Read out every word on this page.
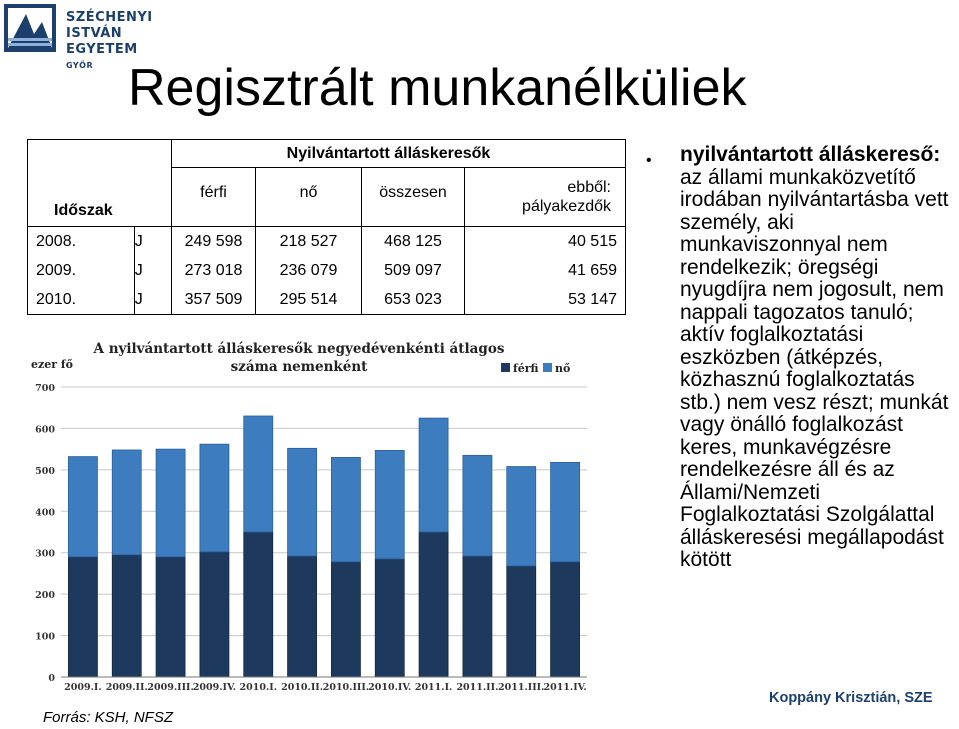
SZÉCHENYI ISTVÁN
EGYETEM
GYŐR Regisztrált munkanélküliek
Időszak		Nyilvántartott álláskeresők			
		férfi	nő	összesen	ebből:
pályakezdők

2008.	J	249 598	218 527	468 125	40 515
2009.	J	273 018	236 079	509 097	41 659
2010.	J	357 509	295 514	653 023	53 147
A nyilvántartott álláskeresők negyedévenkénti átlagos
száma nemenként
ezer fő	férfi nő
0
100
200
300
400
500
600
700
2009.I. 2009.II. 2009.III. 2009.IV. 2010.I. 2010.II. 2010.III. 2010.IV. 2011.I. 2011.II. 2011.III. 2011.IV.
Forrás: KSH, NFSZ
• nyilvántartott álláskereső: az állami munkaközvetítő irodában nyilvántartásba vett személy, aki munkaviszonnyal nem rendelkezik; öregségi nyugdíjra nem jogosult, nem nappali tagozatos tanuló; aktív foglalkoztatási eszközben (átképzés, közhasznú foglalkoztatás stb.) nem vesz részt; munkát vagy önálló foglalkozást keres, munkavégzésre rendelkezésre áll és az Állami/Nemzeti Foglalkoztatási Szolgálattal álláskeresési megállapodást kötött
Koppány Krisztián, SZE
